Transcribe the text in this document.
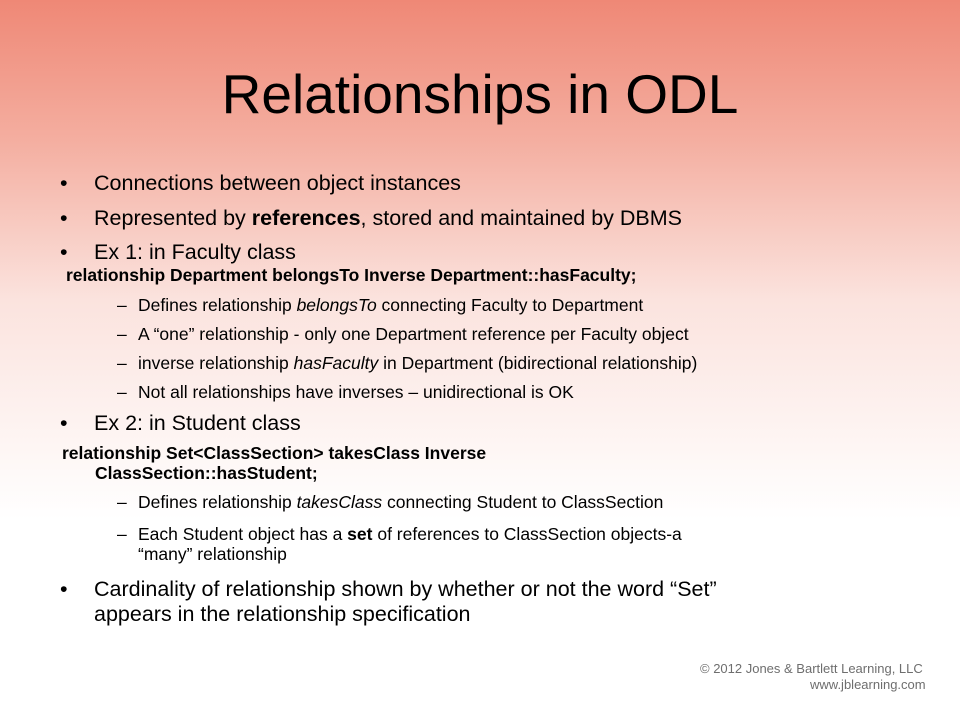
Relationships in ODL
•	Connections between object instances
•	Represented by references, stored and maintained by DBMS
•	Ex 1: in Faculty class
relationship Department belongsTo Inverse Department::hasFaculty;
– Defines relationship belongsTo connecting Faculty to Department
– A “one” relationship - only one Department reference per Faculty object
– inverse relationship hasFaculty in Department (bidirectional relationship)
– Not all relationships have inverses – unidirectional is OK
•	Ex 2: in Student class
relationship Set<ClassSection> takesClass Inverse
ClassSection::hasStudent;
– Defines relationship takesClass connecting Student to ClassSection
– Each Student object has a set of references to ClassSection objects-a
“many” relationship
•	Cardinality of relationship shown by whether or not the word “Set”
appears in the relationship specification
© 2012 Jones & Bartlett Learning, LLC
www.jblearning.com
